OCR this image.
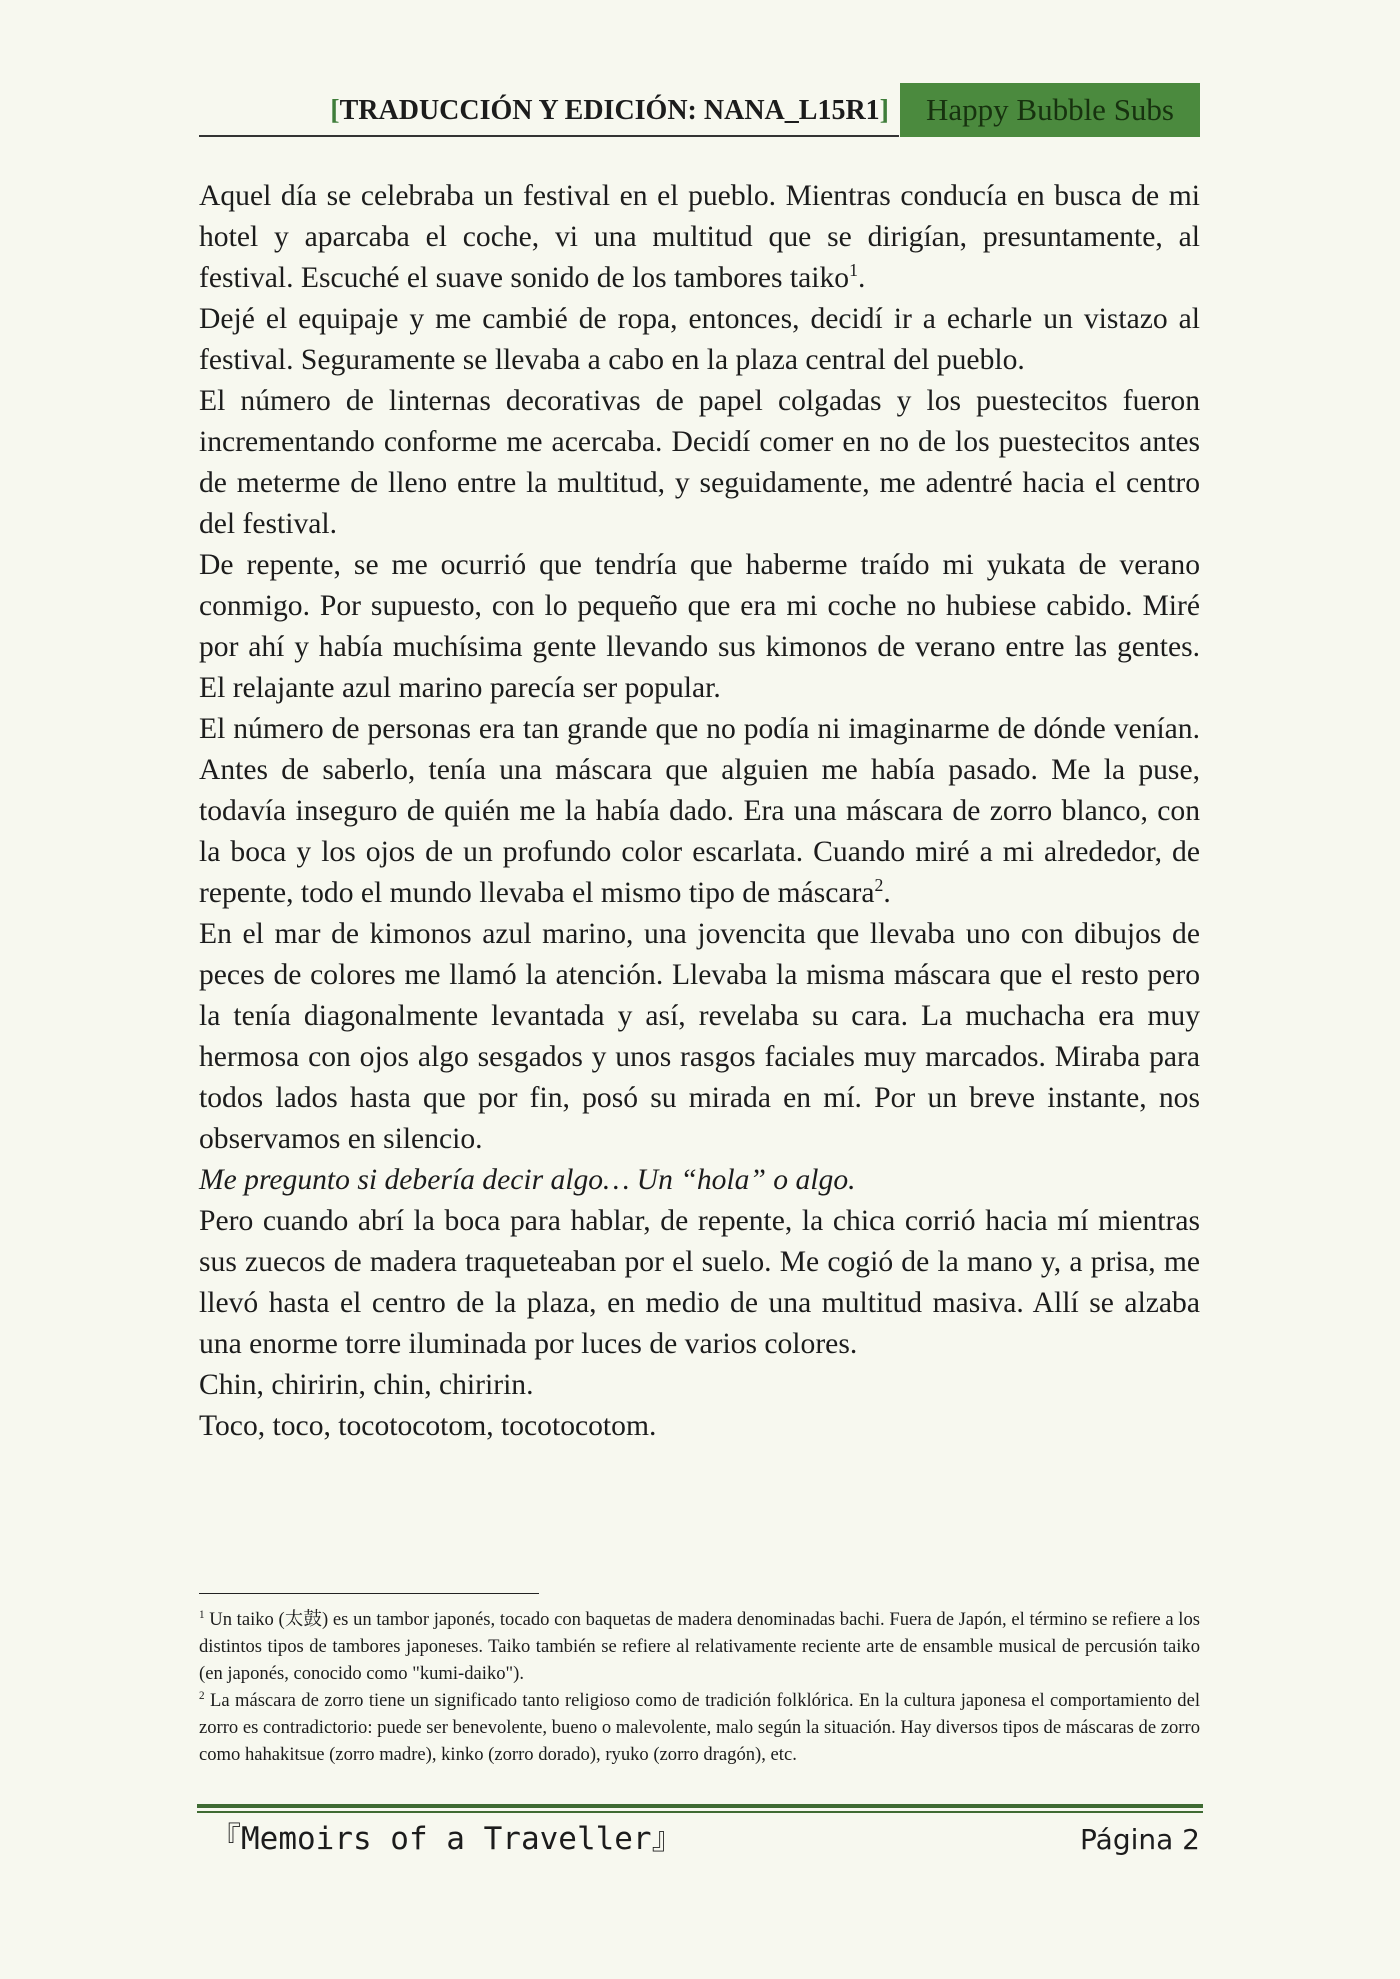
[TRADUCCIÓN Y EDICIÓN: NANA_L15R1]	Happy Bubble Subs

Aquel día se celebraba un festival en el pueblo. Mientras conducía en busca de mi hotel y aparcaba el coche, vi una multitud que se dirigían, presuntamente, al festival. Escuché el suave sonido de los tambores taiko$^1$.

Dejé el equipaje y me cambié de ropa, entonces, decidí ir a echarle un vistazo al festival. Seguramente se llevaba a cabo en la plaza central del pueblo.

El número de linternas decorativas de papel colgadas y los puestecitos fueron incrementando conforme me acercaba. Decidí comer en no de los puestecitos antes de meterme de lleno entre la multitud, y seguidamente, me adentré hacia el centro del festival.

De repente, se me ocurrió que tendría que haberme traído mi yukata de verano conmigo. Por supuesto, con lo pequeño que era mi coche no hubiese cabido. Miré por ahí y había muchísima gente llevando sus kimonos de verano entre las gentes. El relajante azul marino parecía ser popular.

El número de personas era tan grande que no podía ni imaginarme de dónde venían. Antes de saberlo, tenía una máscara que alguien me había pasado. Me la puse, todavía inseguro de quién me la había dado. Era una máscara de zorro blanco, con la boca y los ojos de un profundo color escarlata. Cuando miré a mi alrededor, de repente, todo el mundo llevaba el mismo tipo de máscara$^2$.

En el mar de kimonos azul marino, una jovencita que llevaba uno con dibujos de peces de colores me llamó la atención. Llevaba la misma máscara que el resto pero la tenía diagonalmente levantada y así, revelaba su cara. La muchacha era muy hermosa con ojos algo sesgados y unos rasgos faciales muy marcados. Miraba para todos lados hasta que por fin, posó su mirada en mí. Por un breve instante, nos observamos en silencio.

Me pregunto si debería decir algo… Un “hola” o algo.

Pero cuando abrí la boca para hablar, de repente, la chica corrió hacia mí mientras sus zuecos de madera traqueteaban por el suelo. Me cogió de la mano y, a prisa, me llevó hasta el centro de la plaza, en medio de una multitud masiva. Allí se alzaba una enorme torre iluminada por luces de varios colores.

Chin, chiririn, chin, chiririn.

Toco, toco, tocotocotom, tocotocotom.

$^1$ Un taiko (太鼓) es un tambor japonés, tocado con baquetas de madera denominadas bachi. Fuera de Japón, el término se refiere a los distintos tipos de tambores japoneses. Taiko también se refiere al relativamente reciente arte de ensamble musical de percusión taiko (en japonés, conocido como "kumi-daiko").

$^2$ La máscara de zorro tiene un significado tanto religioso como de tradición folklórica. En la cultura japonesa el comportamiento del zorro es contradictorio: puede ser benevolente, bueno o malevolente, malo según la situación. Hay diversos tipos de máscaras de zorro como hahakitsue (zorro madre), kinko (zorro dorado), ryuko (zorro dragón), etc.

『Memoirs of a Traveller』	Página 2
